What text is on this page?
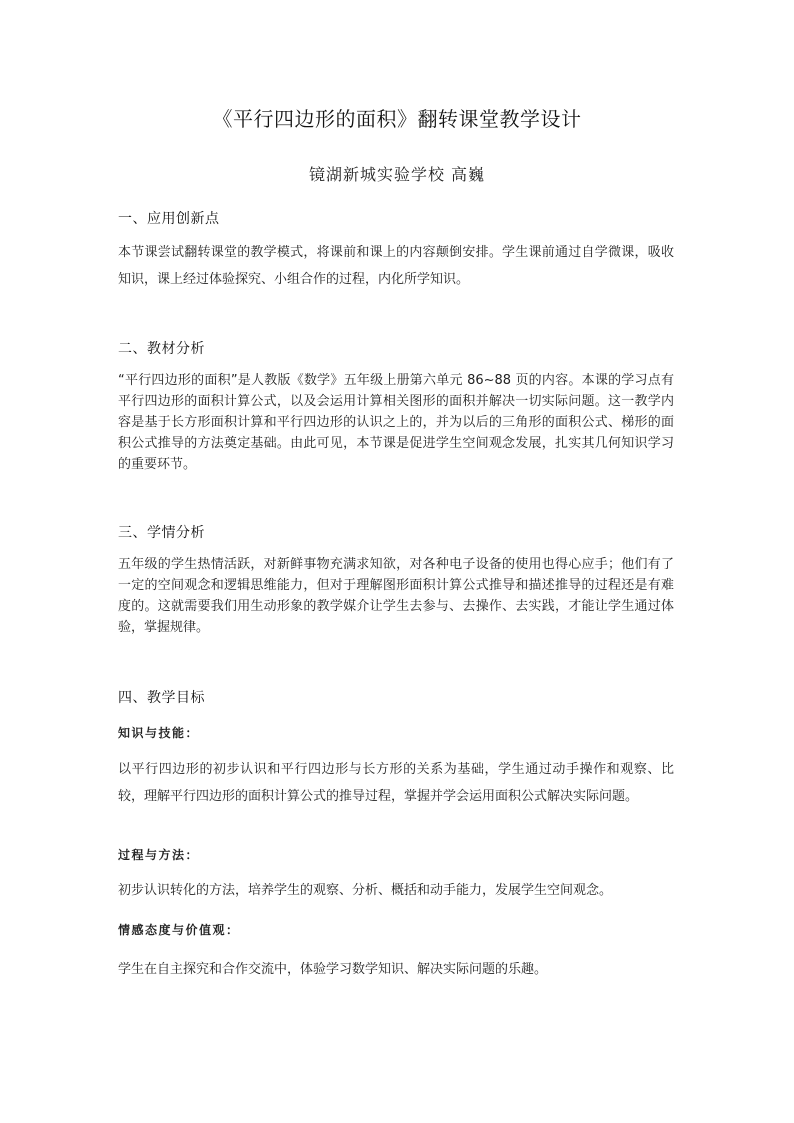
《平行四边形的面积》翻转课堂教学设计
镜湖新城实验学校 高巍
一、应用创新点
本节课尝试翻转课堂的教学模式，将课前和课上的内容颠倒安排。学生课前通过自学微课，吸收知识，课上经过体验探究、小组合作的过程，内化所学知识。
二、教材分析
“平行四边形的面积”是人教版《数学》五年级上册第六单元 86~88 页的内容。本课的学习点有平行四边形的面积计算公式，以及会运用计算相关图形的面积并解决一切实际问题。这一教学内容是基于长方形面积计算和平行四边形的认识之上的，并为以后的三角形的面积公式、梯形的面积公式推导的方法奠定基础。由此可见，本节课是促进学生空间观念发展，扎实其几何知识学习的重要环节。
三、学情分析
五年级的学生热情活跃，对新鲜事物充满求知欲，对各种电子设备的使用也得心应手；他们有了一定的空间观念和逻辑思维能力，但对于理解图形面积计算公式推导和描述推导的过程还是有难度的。这就需要我们用生动形象的教学媒介让学生去参与、去操作、去实践，才能让学生通过体验，掌握规律。
四、教学目标
知识与技能：
以平行四边形的初步认识和平行四边形与长方形的关系为基础，学生通过动手操作和观察、比较，理解平行四边形的面积计算公式的推导过程，掌握并学会运用面积公式解决实际问题。
过程与方法：
初步认识转化的方法，培养学生的观察、分析、概括和动手能力，发展学生空间观念。
情感态度与价值观：
学生在自主探究和合作交流中，体验学习数学知识、解决实际问题的乐趣。
